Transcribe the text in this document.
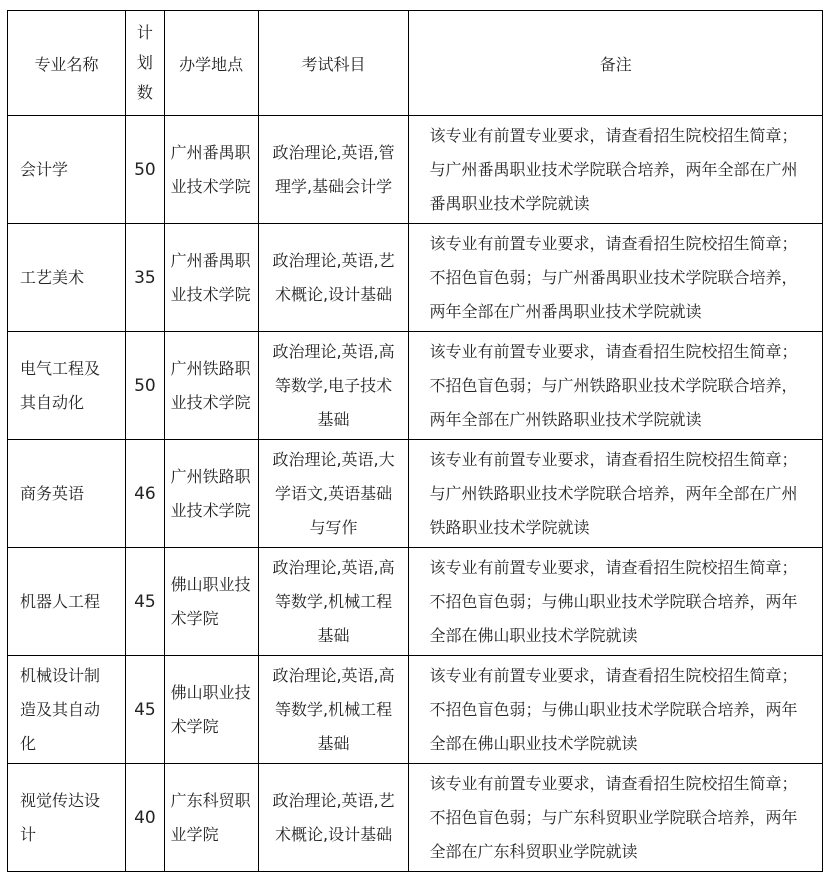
专业名称	计划数	办学地点	考试科目	备注
会计学	50	广州番禺职业技术学院	政治理论,英语,管理学,基础会计学	该专业有前置专业要求，请查看招生院校招生简章；与广州番禺职业技术学院联合培养，两年全部在广州番禺职业技术学院就读
工艺美术	35	广州番禺职业技术学院	政治理论,英语,艺术概论,设计基础	该专业有前置专业要求，请查看招生院校招生简章；不招色盲色弱；与广州番禺职业技术学院联合培养，两年全部在广州番禺职业技术学院就读
电气工程及其自动化	50	广州铁路职业技术学院	政治理论,英语,高等数学,电子技术基础	该专业有前置专业要求，请查看招生院校招生简章；不招色盲色弱；与广州铁路职业技术学院联合培养，两年全部在广州铁路职业技术学院就读
商务英语	46	广州铁路职业技术学院	政治理论,英语,大学语文,英语基础与写作	该专业有前置专业要求，请查看招生院校招生简章；与广州铁路职业技术学院联合培养，两年全部在广州铁路职业技术学院就读
机器人工程	45	佛山职业技术学院	政治理论,英语,高等数学,机械工程基础	该专业有前置专业要求，请查看招生院校招生简章；不招色盲色弱；与佛山职业技术学院联合培养，两年全部在佛山职业技术学院就读
机械设计制造及其自动化	45	佛山职业技术学院	政治理论,英语,高等数学,机械工程基础	该专业有前置专业要求，请查看招生院校招生简章；不招色盲色弱；与佛山职业技术学院联合培养，两年全部在佛山职业技术学院就读
视觉传达设计	40	广东科贸职业学院	政治理论,英语,艺术概论,设计基础	该专业有前置专业要求，请查看招生院校招生简章；不招色盲色弱；与广东科贸职业学院联合培养，两年全部在广东科贸职业学院就读
